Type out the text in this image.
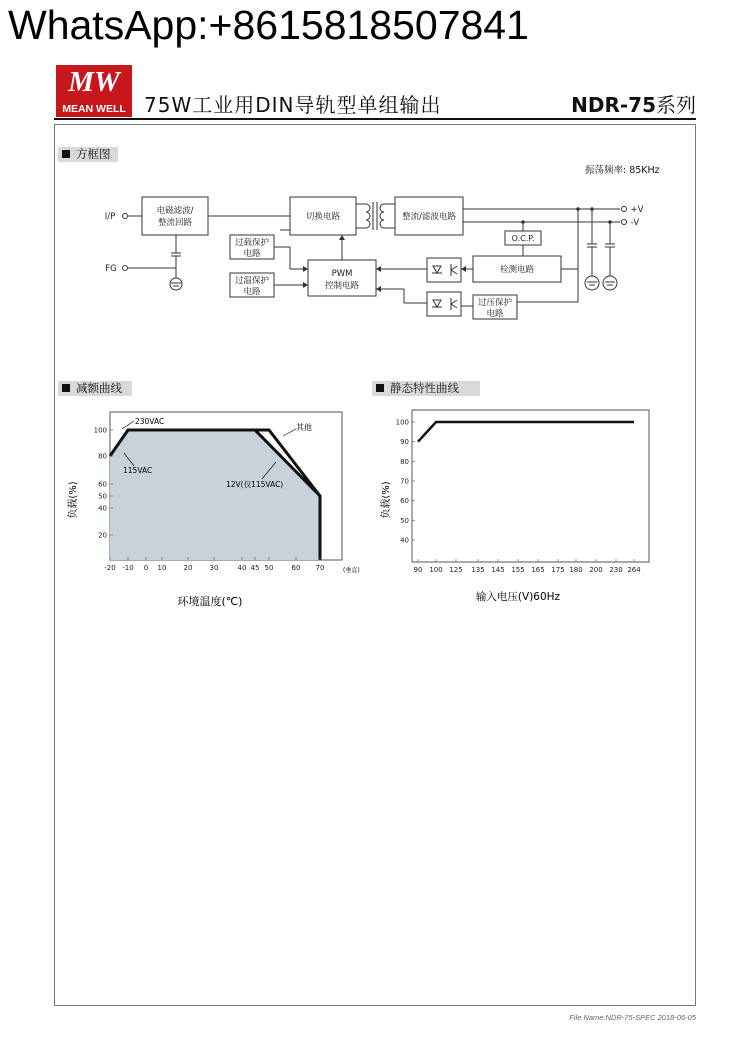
WhatsApp:+8615818507841
MW
MEAN WELL 75W工业用DIN导轨型单组输出	NDR-75系列
方框图
振荡频率: 85KHz
减额曲线	静态特性曲线
I/P
FG
+V
-V
电磁滤波/
整流回路
切换电路	整流/滤波电路
O.C.P.
检测电路
过载保护
电路
过温保护
电路
PWM
控制电路
过压保护
电路
-20 -10 0 10 20 30	40 45 50	60 70
100
80
60
50
40
20
230VAC
115VAC
其他
12V(仅115VAC)
(垂直)
环境温度(℃)
负载(%)
90 100 125 135 145 155 165 175 180 200 230 264
100
90
80
70
60
50
40
输入电压(V)60Hz
负载(%)
File Name:NDR-75-SPEC 2018-06-05
